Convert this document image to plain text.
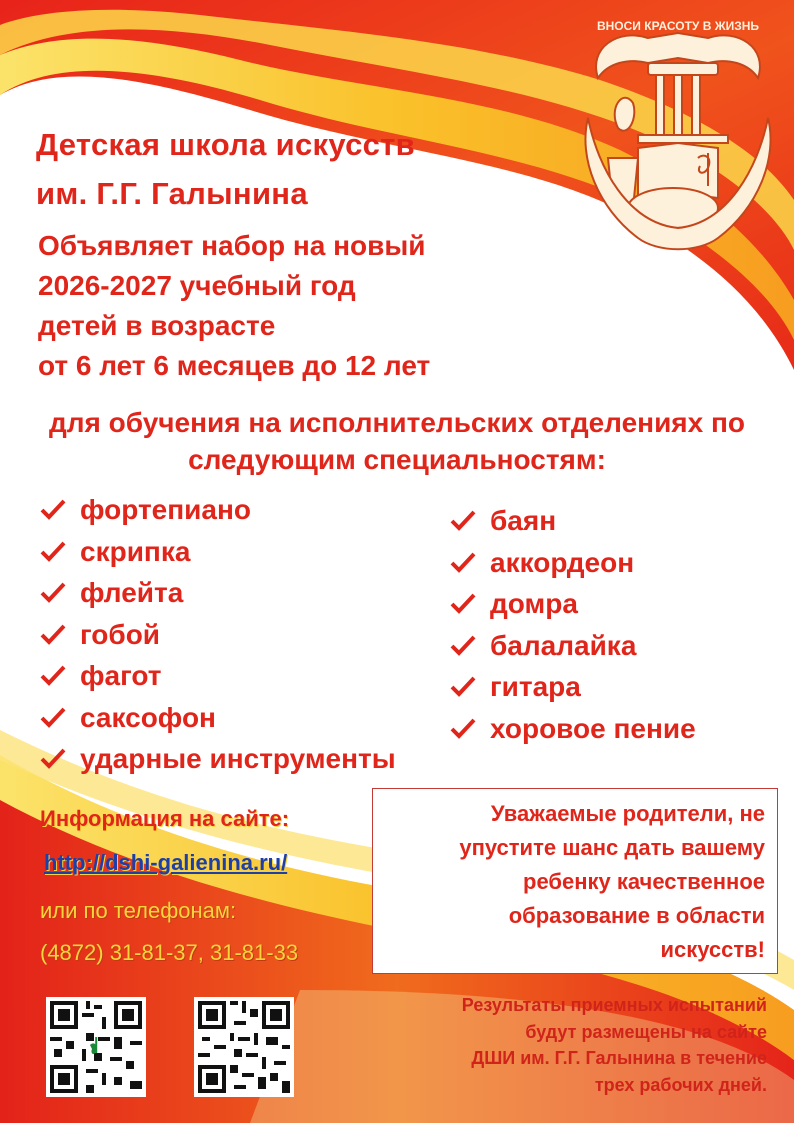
ВНОСИ КРАСОТУ В ЖИЗНЬ
Детская школа искусств
им. Г.Г. Галынина
Объявляет набор на новый
2026-2027 учебный год
детей в возрасте
от 6 лет 6 месяцев до 12 лет
для обучения на исполнительских отделениях по
следующим специальностям:
фортепиано
скрипка
флейта
гобой
фагот
саксофон
ударные инструменты
баян
аккордеон
домра
балалайка
гитара
хоровое пение
Информация на сайте:
http://dshi-galienina.ru/
или по телефонам:
(4872) 31-81-37, 31-81-33
Уважаемые родители, не
упустите шанс дать вашему
ребенку качественное
образование в области
искусств!
Результаты приемных испытаний
будут размещены на сайте
ДШИ им. Г.Г. Галынина в течение
трех рабочих дней.
